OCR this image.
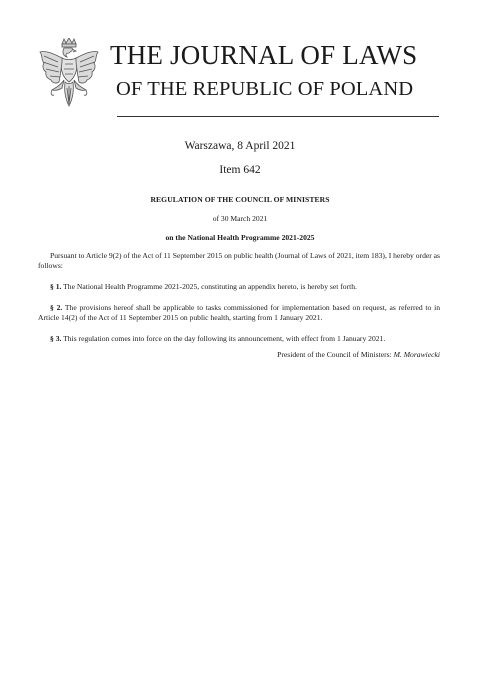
THE JOURNAL OF LAWS
OF THE REPUBLIC OF POLAND
Warszawa, 8 April 2021
Item 642
REGULATION OF THE COUNCIL OF MINISTERS
of 30 March 2021
on the National Health Programme 2021-2025

Pursuant to Article 9(2) of the Act of 11 September 2015 on public health (Journal of Laws of 2021, item 183), I hereby order as follows:

§ 1. The National Health Programme 2021-2025, constituting an appendix hereto, is hereby set forth.

§ 2. The provisions hereof shall be applicable to tasks commissioned for implementation based on request, as referred to in Article 14(2) of the Act of 11 September 2015 on public health, starting from 1 January 2021.

§ 3. This regulation comes into force on the day following its announcement, with effect from 1 January 2021.

President of the Council of Ministers: M. Morawiecki
